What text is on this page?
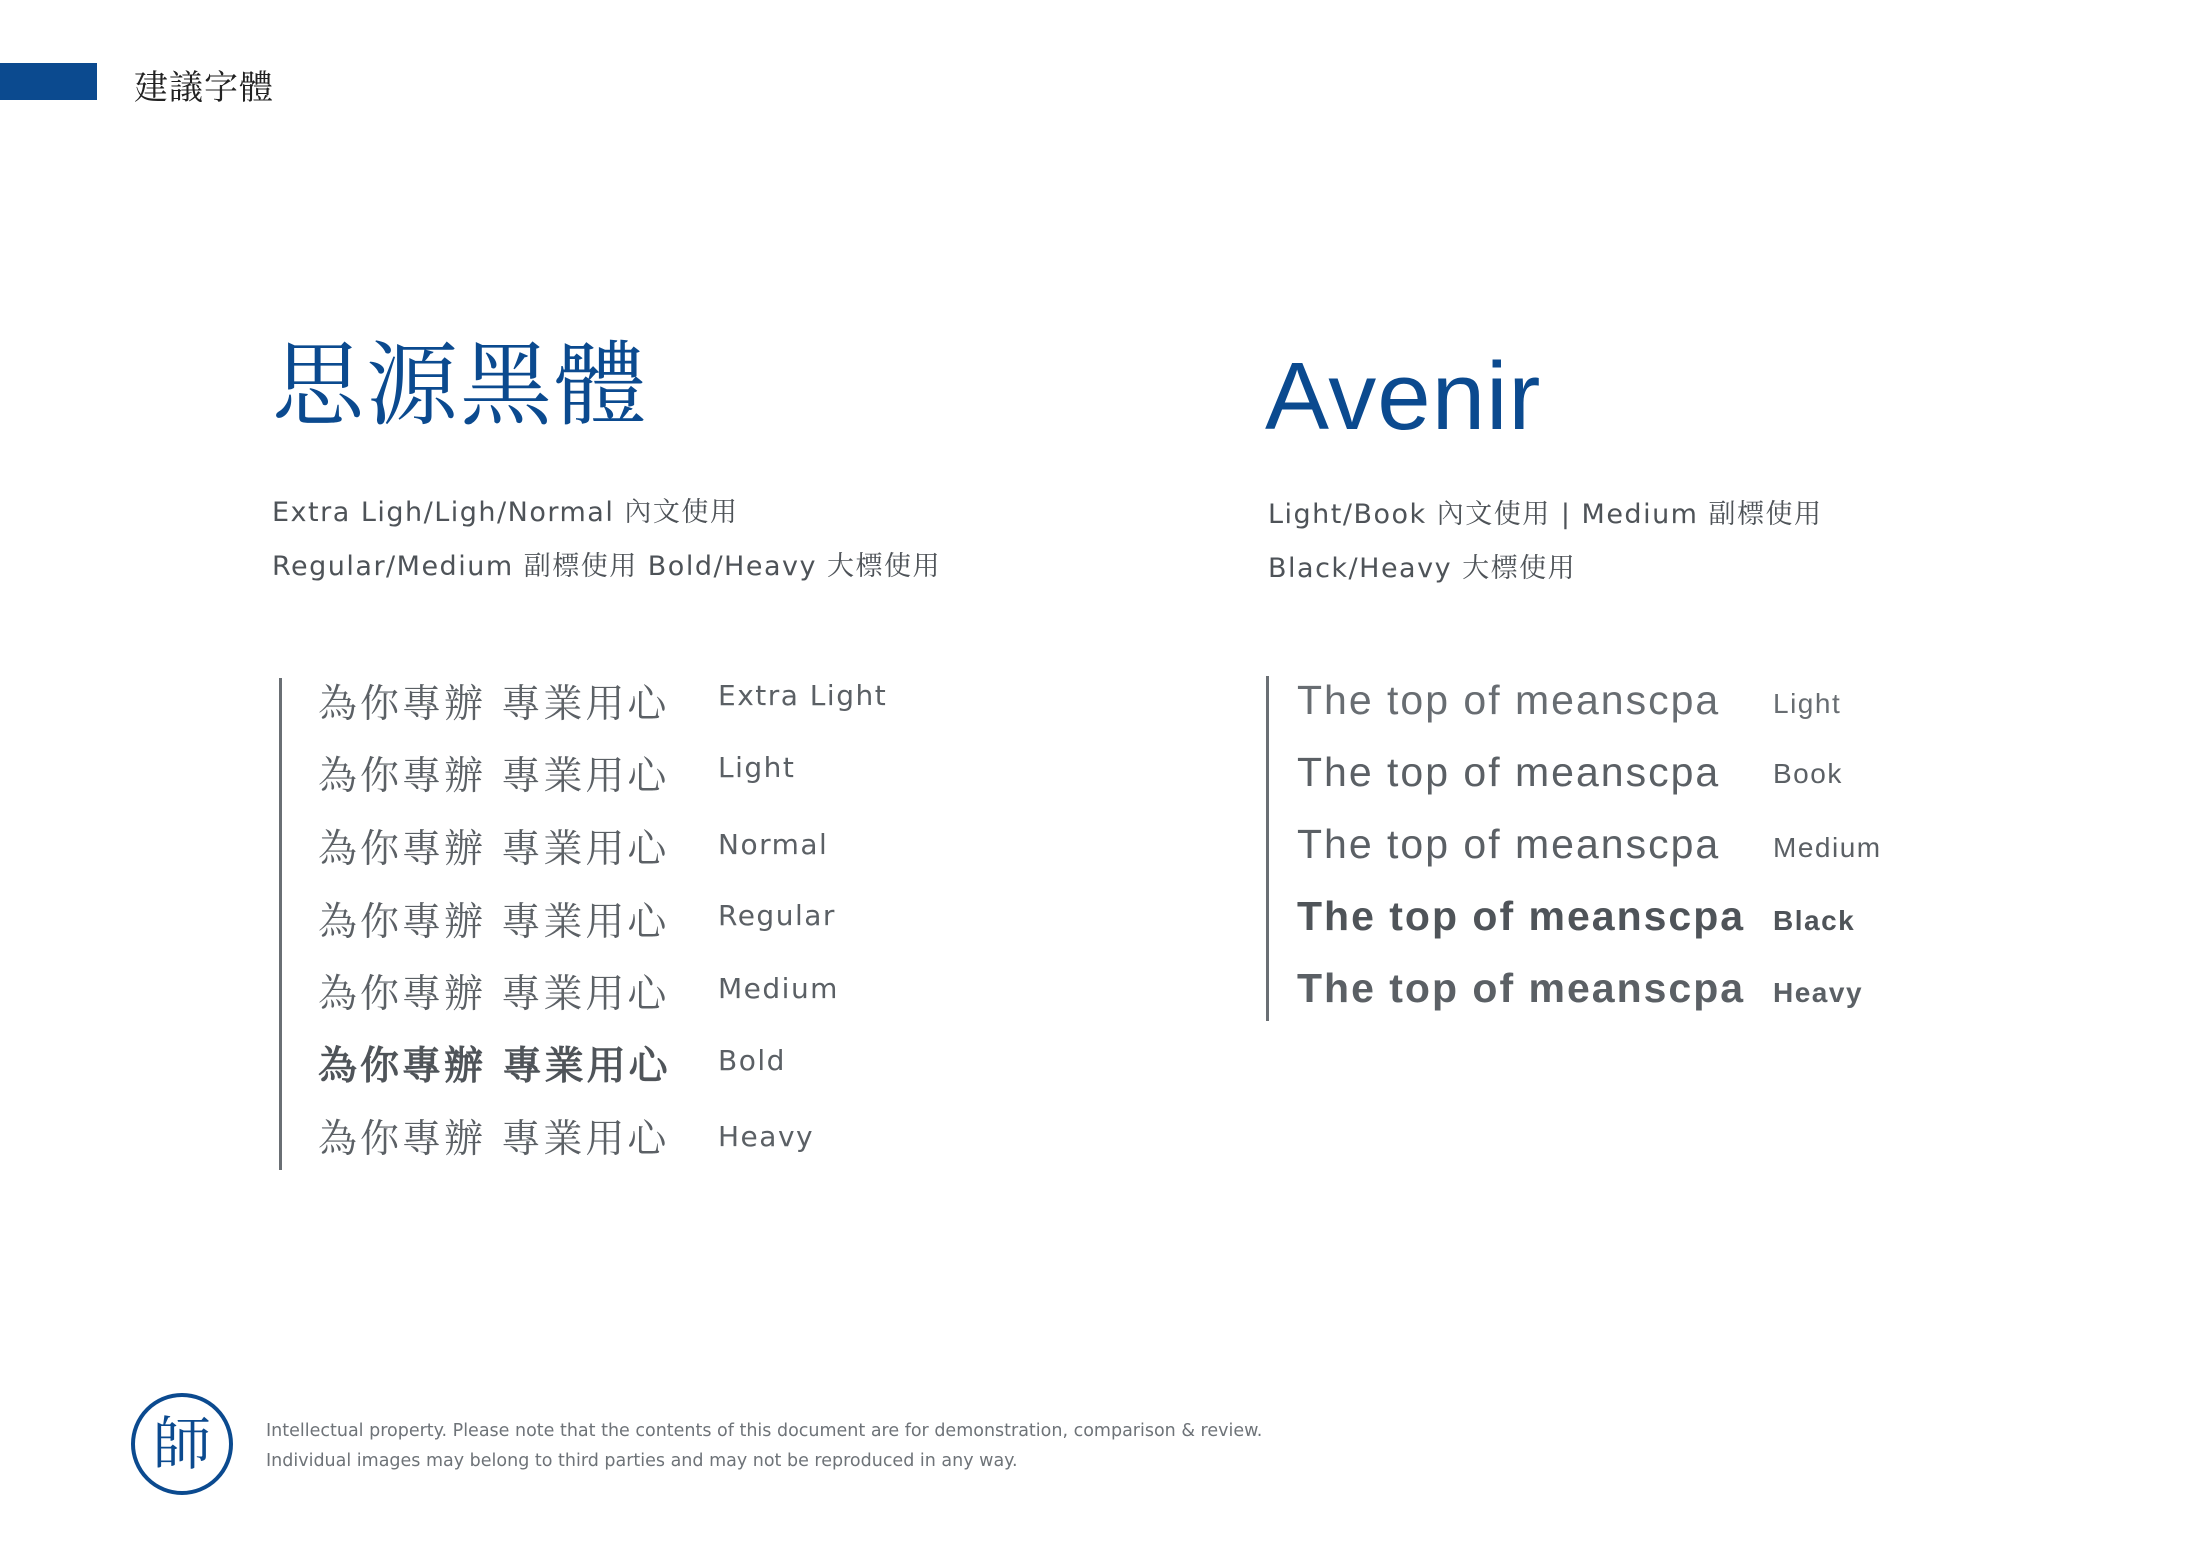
建議字體
思源黑體
Extra Ligh/Ligh/Normal 內文使用
Regular/Medium 副標使用 Bold/Heavy 大標使用
為你專辦 專業用心 Extra Light
為你專辦 專業用心 Light
為你專辦 專業用心 Normal
為你專辦 專業用心 Regular
為你專辦 專業用心 Medium
為你專辦 專業用心 Bold
為你專辦 專業用心 Heavy
Avenir
Light/Book 內文使用 | Medium 副標使用
Black/Heavy 大標使用
The top of meanscpa Light
The top of meanscpa Book
The top of meanscpa Medium
The top of meanscpa Black
The top of meanscpa Heavy
師	Intellectual property. Please note that the contents of this document are for demonstration, comparison & review.
Individual images may belong to third parties and may not be reproduced in any way.
